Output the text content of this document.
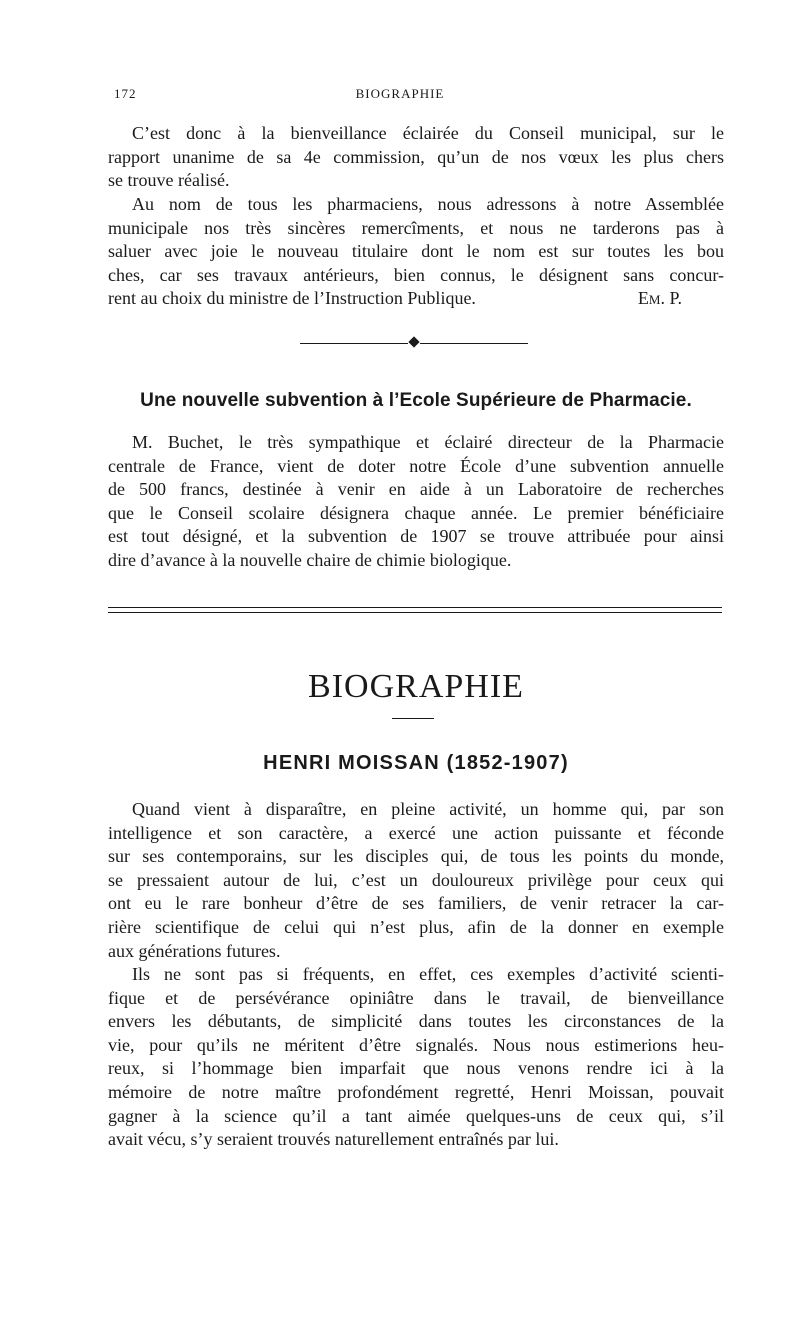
172	BIOGRAPHIE

C’est donc à la bienveillance éclairée du Conseil municipal, sur le
rapport unanime de sa 4e commission, qu’un de nos vœux les plus chers
se trouve réalisé.

Au nom de tous les pharmaciens, nous adressons à notre Assemblée
municipale nos très sincères remercîments, et nous ne tarderons pas à
saluer avec joie le nouveau titulaire dont le nom est sur toutes les bou
ches, car ses travaux antérieurs, bien connus, le désignent sans concur-
rent au choix du ministre de l’Instruction Publique.	Em. P.

Une nouvelle subvention à l’Ecole Supérieure de Pharmacie.

M. Buchet, le très sympathique et éclairé directeur de la Pharmacie
centrale de France, vient de doter notre École d’une subvention annuelle
de 500 francs, destinée à venir en aide à un Laboratoire de recherches
que le Conseil scolaire désignera chaque année. Le premier bénéficiaire
est tout désigné, et la subvention de 1907 se trouve attribuée pour ainsi
dire d’avance à la nouvelle chaire de chimie biologique.

BIOGRAPHIE
HENRI MOISSAN (1852-1907)

Quand vient à disparaître, en pleine activité, un homme qui, par son
intelligence et son caractère, a exercé une action puissante et féconde
sur ses contemporains, sur les disciples qui, de tous les points du monde,
se pressaient autour de lui, c’est un douloureux privilège pour ceux qui
ont eu le rare bonheur d’être de ses familiers, de venir retracer la car-
rière scientifique de celui qui n’est plus, afin de la donner en exemple
aux générations futures.

Ils ne sont pas si fréquents, en effet, ces exemples d’activité scienti-
fique et de persévérance opiniâtre dans le travail, de bienveillance
envers les débutants, de simplicité dans toutes les circonstances de la
vie, pour qu’ils ne méritent d’être signalés. Nous nous estimerions heu-
reux, si l’hommage bien imparfait que nous venons rendre ici à la
mémoire de notre maître profondément regretté, Henri Moissan, pouvait
gagner à la science qu’il a tant aimée quelques-uns de ceux qui, s’il
avait vécu, s’y seraient trouvés naturellement entraînés par lui.
